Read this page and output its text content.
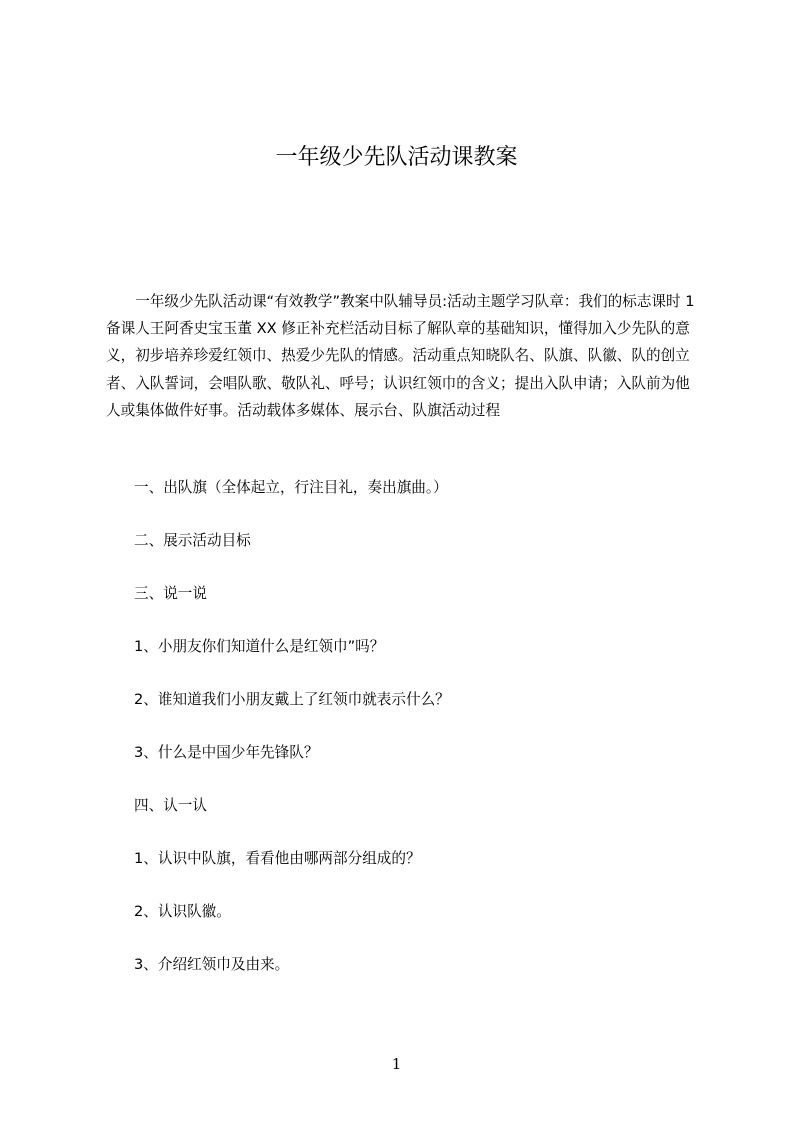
一年级少先队活动课教案

一年级少先队活动课“有效教学”教案中队辅导员:活动主题学习队章：我们的标志课时 1 备课人王阿香史宝玉董 XX 修正补充栏活动目标了解队章的基础知识，懂得加入少先队的意义，初步培养珍爱红领巾、热爱少先队的情感。活动重点知晓队名、队旗、队徽、队的创立者、入队誓词，会唱队歌、敬队礼、呼号；认识红领巾的含义；提出入队申请；入队前为他人或集体做件好事。活动载体多媒体、展示台、队旗活动过程

一、出队旗（全体起立，行注目礼，奏出旗曲。）

二、展示活动目标

三、说一说

1、小朋友你们知道什么是红领巾”吗？

2、谁知道我们小朋友戴上了红领巾就表示什么？

3、什么是中国少年先锋队？

四、认一认

1、认识中队旗，看看他由哪两部分组成的？

2、认识队徽。

3、介绍红领巾及由来。

1
